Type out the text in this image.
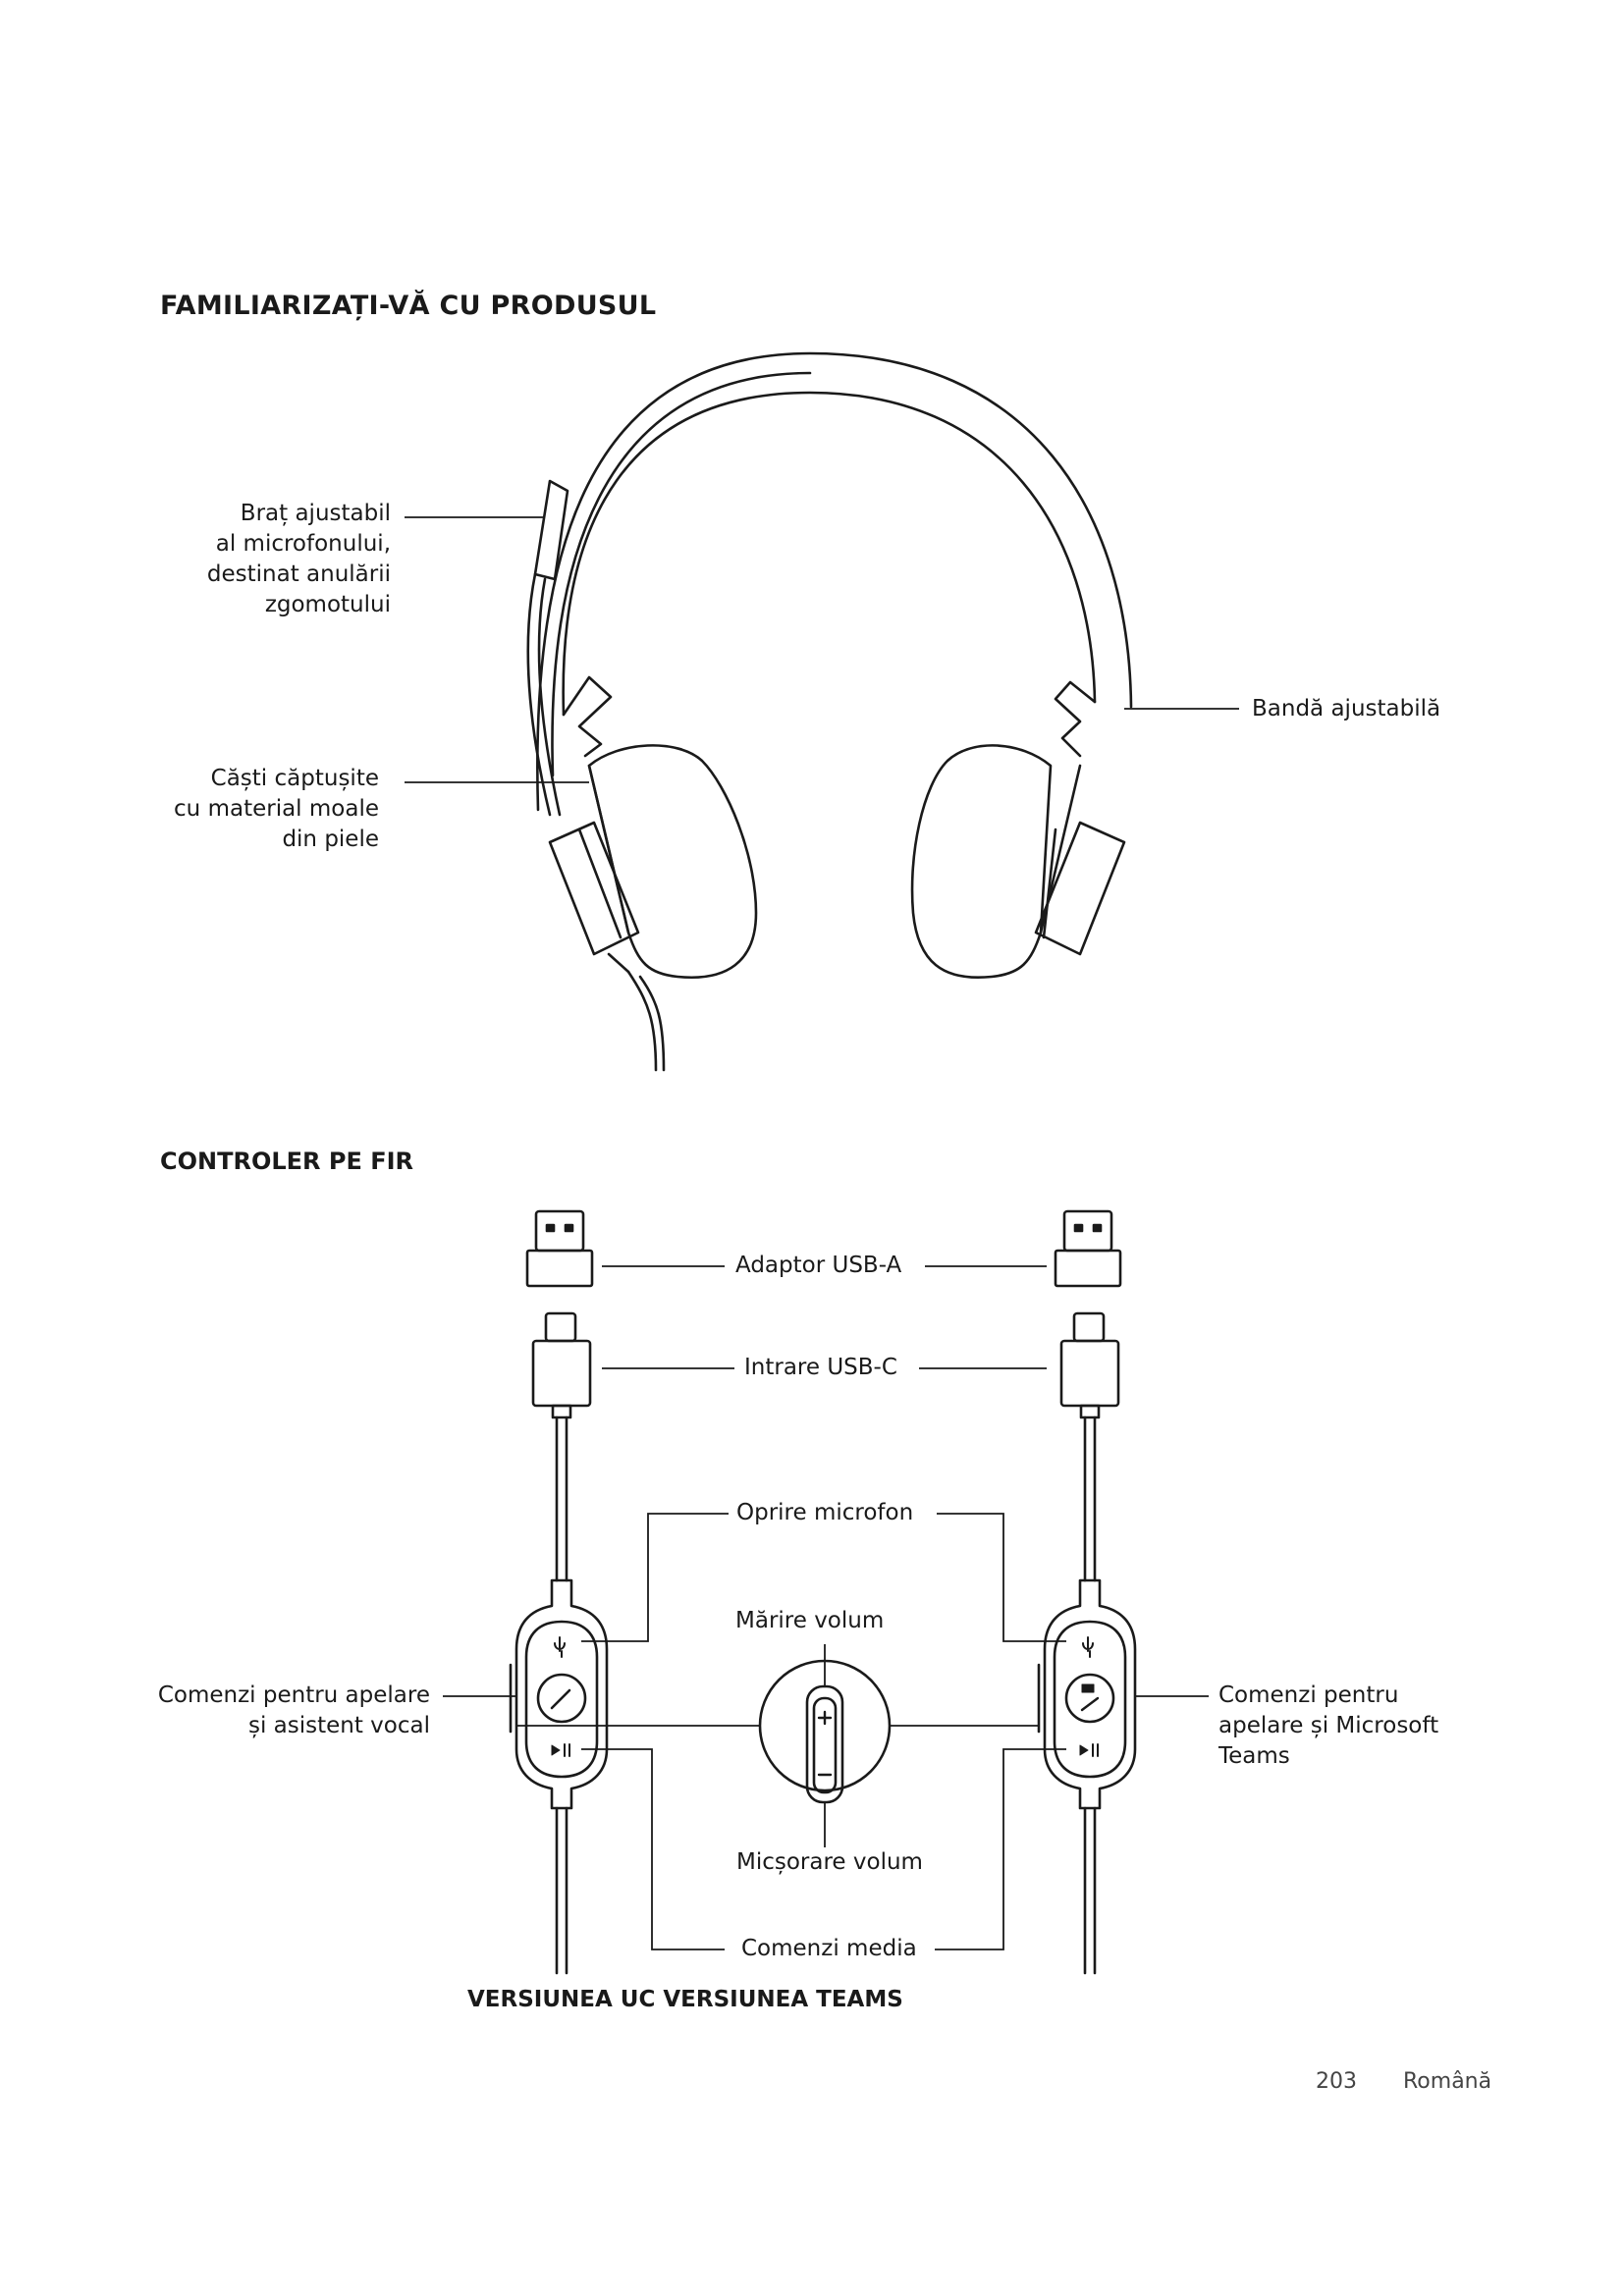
FAMILIARIZAȚI-VĂ CU PRODUSUL
CONTROLER PE FIR
Braț ajustabil
al microfonului,
destinat anulării
zgomotului
Căști căptușite
cu material moale
din piele
Bandă ajustabilă
Adaptor USB-A
Intrare USB-C
Oprire microfon
Mărire volum
Micșorare volum
Comenzi media
Comenzi pentru apelare
și asistent vocal
Comenzi pentru
apelare și Microsoft
Teams
VERSIUNEA UC VERSIUNEA TEAMS
203 Română
